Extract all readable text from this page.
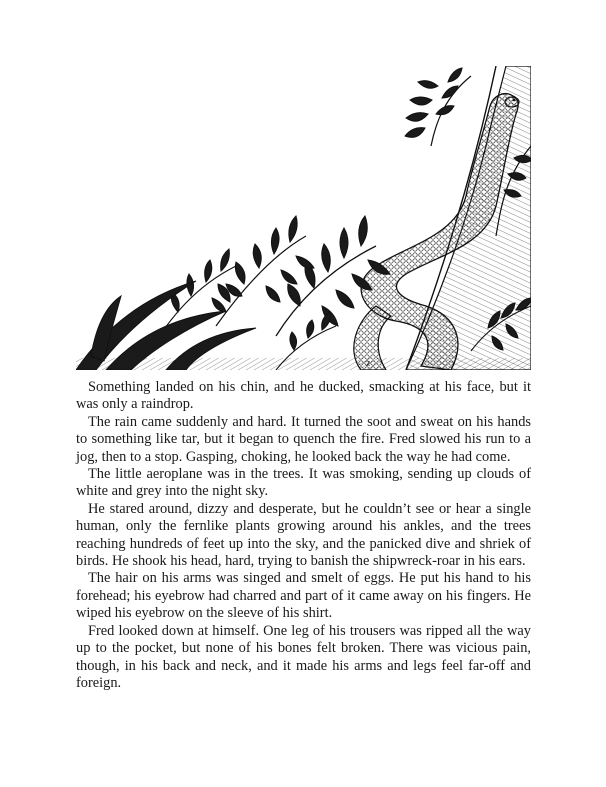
Z

Something landed on his chin, and he ducked, smacking at his face, but it was only a raindrop.

The rain came suddenly and hard. It turned the soot and sweat on his hands to something like tar, but it began to quench the fire. Fred slowed his run to a jog, then to a stop. Gasping, choking, he looked back the way he had come.

The little aeroplane was in the trees. It was smoking, sending up clouds of white and grey into the night sky.

He stared around, dizzy and desperate, but he couldn’t see or hear a single human, only the fernlike plants growing around his ankles, and the trees reaching hundreds of feet up into the sky, and the panicked dive and shriek of birds. He shook his head, hard, trying to banish the shipwreck-roar in his ears.

The hair on his arms was singed and smelt of eggs. He put his hand to his forehead; his eyebrow had charred and part of it came away on his fingers. He wiped his eyebrow on the sleeve of his shirt.

Fred looked down at himself. One leg of his trousers was ripped all the way up to the pocket, but none of his bones felt broken. There was vicious pain, though, in his back and neck, and it made his arms and legs feel far-off and foreign.
